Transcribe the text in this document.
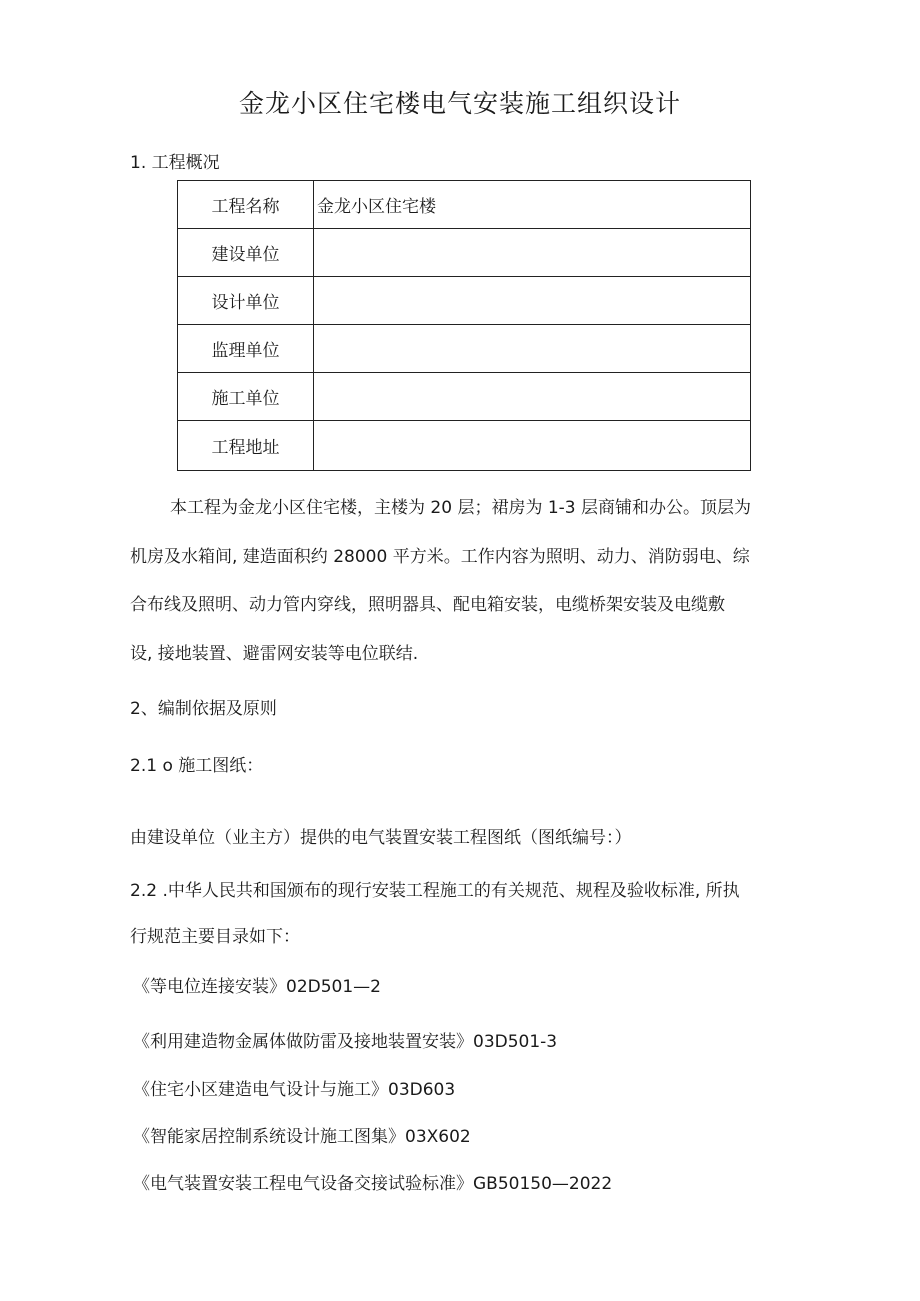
金龙小区住宅楼电气安装施工组织设计
1. 工程概况
工程名称	金龙小区住宅楼
建设单位	
设计单位	
监理单位	
施工单位	
工程地址	
本工程为金龙小区住宅楼，主楼为 20 层；裙房为 1-3 层商铺和办公。顶层为
机房及水箱间, 建造面积约 28000 平方米。工作内容为照明、动力、消防弱电、综
合布线及照明、动力管内穿线，照明器具、配电箱安装，电缆桥架安装及电缆敷
设, 接地装置、避雷网安装等电位联结.
2、编制依据及原则
2.1 o 施工图纸：
由建设单位（业主方）提供的电气装置安装工程图纸（图纸编号：）
2.2 .中华人民共和国颁布的现行安装工程施工的有关规范、规程及验收标准, 所执
行规范主要目录如下：
《等电位连接安装》02D501—2
《利用建造物金属体做防雷及接地装置安装》03D501-3
《住宅小区建造电气设计与施工》03D603
《智能家居控制系统设计施工图集》03X602
《电气装置安装工程电气设备交接试验标准》GB50150—2022
